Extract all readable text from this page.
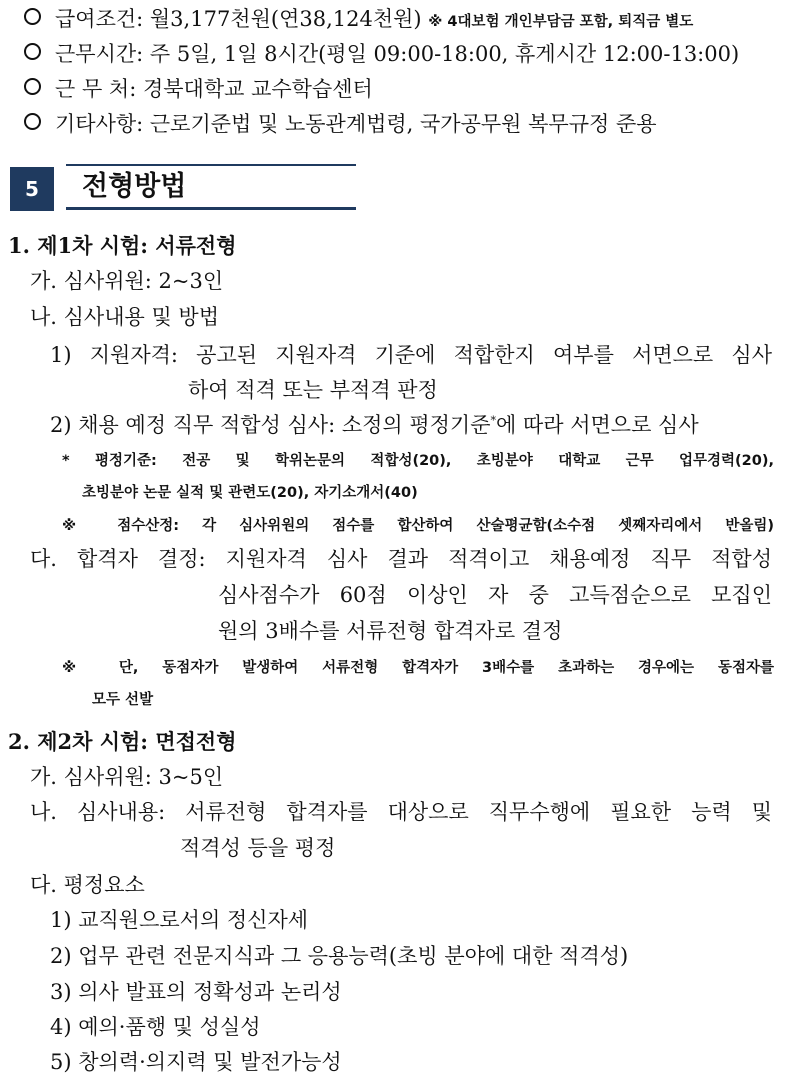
급여조건: 월3,177천원(연38,124천원) ※ 4대보험 개인부담금 포함, 퇴직금 별도
근무시간: 주 5일, 1일 8시간(평일 09:00-18:00, 휴게시간 12:00-13:00)
근 무 처: 경북대학교 교수학습센터
기타사항: 근로기준법 및 노동관계법령, 국가공무원 복무규정 준용
5	전형방법
1. 제1차 시험: 서류전형
가. 심사위원: 2~3인
나. 심사내용 및 방법
1) 지원자격: 공고된 지원자격 기준에 적합한지 여부를 서면으로 심사
하여 적격 또는 부적격 판정
2) 채용 예정 직무 적합성 심사: 소정의 평정기준*에 따라 서면으로 심사
* 평정기준: 전공 및 학위논문의 적합성(20), 초빙분야 대학교 근무 업무경력(20),
초빙분야 논문 실적 및 관련도(20), 자기소개서(40)
※ 점수산정: 각 심사위원의 점수를 합산하여 산술평균함(소수점 셋째자리에서 반올림)
다. 합격자 결정: 지원자격 심사 결과 적격이고 채용예정 직무 적합성
심사점수가 60점 이상인 자 중 고득점순으로 모집인
원의 3배수를 서류전형 합격자로 결정
※ 단, 동점자가 발생하여 서류전형 합격자가 3배수를 초과하는 경우에는 동점자를
모두 선발
2. 제2차 시험: 면접전형
가. 심사위원: 3~5인
나. 심사내용: 서류전형 합격자를 대상으로 직무수행에 필요한 능력 및
적격성 등을 평정
다. 평정요소
1) 교직원으로서의 정신자세
2) 업무 관련 전문지식과 그 응용능력(초빙 분야에 대한 적격성)
3) 의사 발표의 정확성과 논리성
4) 예의·품행 및 성실성
5) 창의력·의지력 및 발전가능성
